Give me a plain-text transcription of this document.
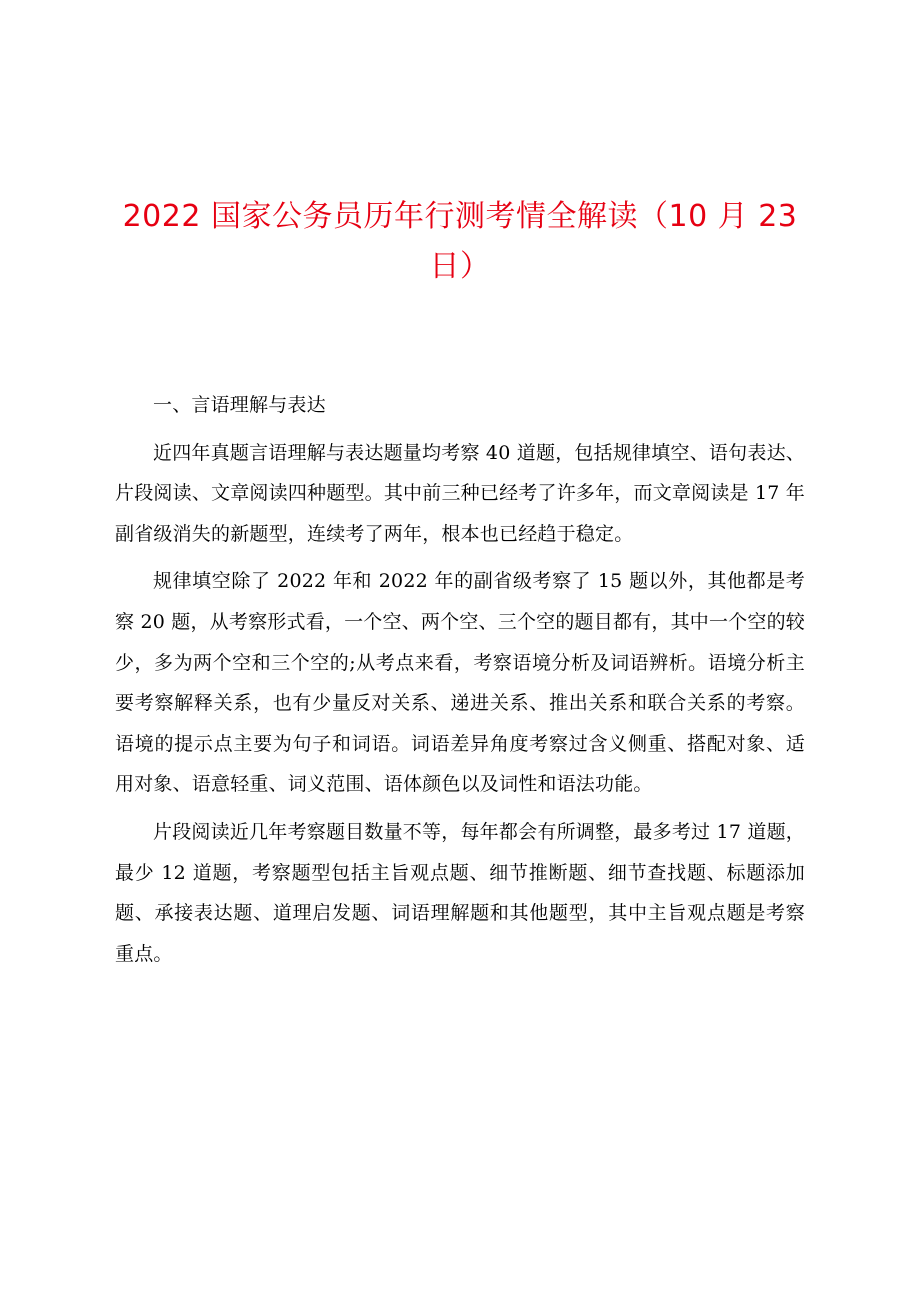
2022 国家公务员历年行测考情全解读（10 月 23 日）

一、言语理解与表达

近四年真题言语理解与表达题量均考察 40 道题，包括规律填空、语句表达、片段阅读、文章阅读四种题型。其中前三种已经考了许多年，而文章阅读是 17 年副省级消失的新题型，连续考了两年，根本也已经趋于稳定。

规律填空除了 2022 年和 2022 年的副省级考察了 15 题以外，其他都是考察 20 题，从考察形式看，一个空、两个空、三个空的题目都有，其中一个空的较少，多为两个空和三个空的;从考点来看，考察语境分析及词语辨析。语境分析主要考察解释关系，也有少量反对关系、递进关系、推出关系和联合关系的考察。语境的提示点主要为句子和词语。词语差异角度考察过含义侧重、搭配对象、适用对象、语意轻重、词义范围、语体颜色以及词性和语法功能。

片段阅读近几年考察题目数量不等，每年都会有所调整，最多考过 17 道题，最少 12 道题，考察题型包括主旨观点题、细节推断题、细节查找题、标题添加题、承接表达题、道理启发题、词语理解题和其他题型，其中主旨观点题是考察重点。
